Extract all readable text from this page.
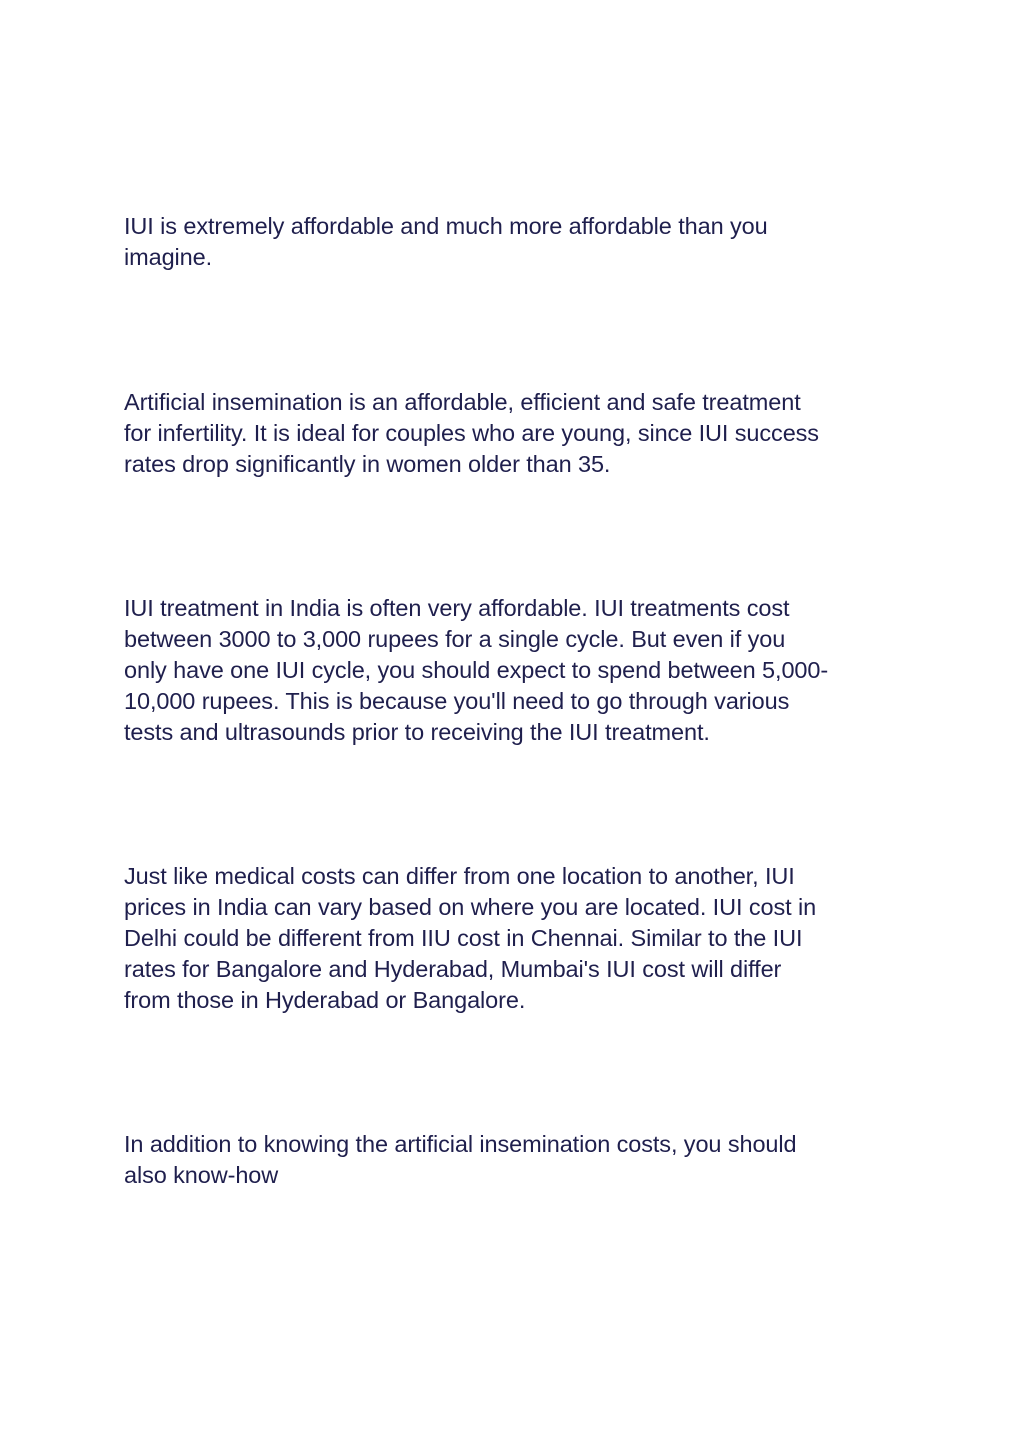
IUI is extremely affordable and much more affordable than you
imagine.

Artificial insemination is an affordable, efficient and safe treatment
for infertility. It is ideal for couples who are young, since IUI success
rates drop significantly in women older than 35.

IUI treatment in India is often very affordable. IUI treatments cost
between 3000 to 3,000 rupees for a single cycle. But even if you
only have one IUI cycle, you should expect to spend between 5,000-
10,000 rupees. This is because you'll need to go through various
tests and ultrasounds prior to receiving the IUI treatment.

Just like medical costs can differ from one location to another, IUI
prices in India can vary based on where you are located. IUI cost in
Delhi could be different from IIU cost in Chennai. Similar to the IUI
rates for Bangalore and Hyderabad, Mumbai's IUI cost will differ
from those in Hyderabad or Bangalore.

In addition to knowing the artificial insemination costs, you should
also know-how
